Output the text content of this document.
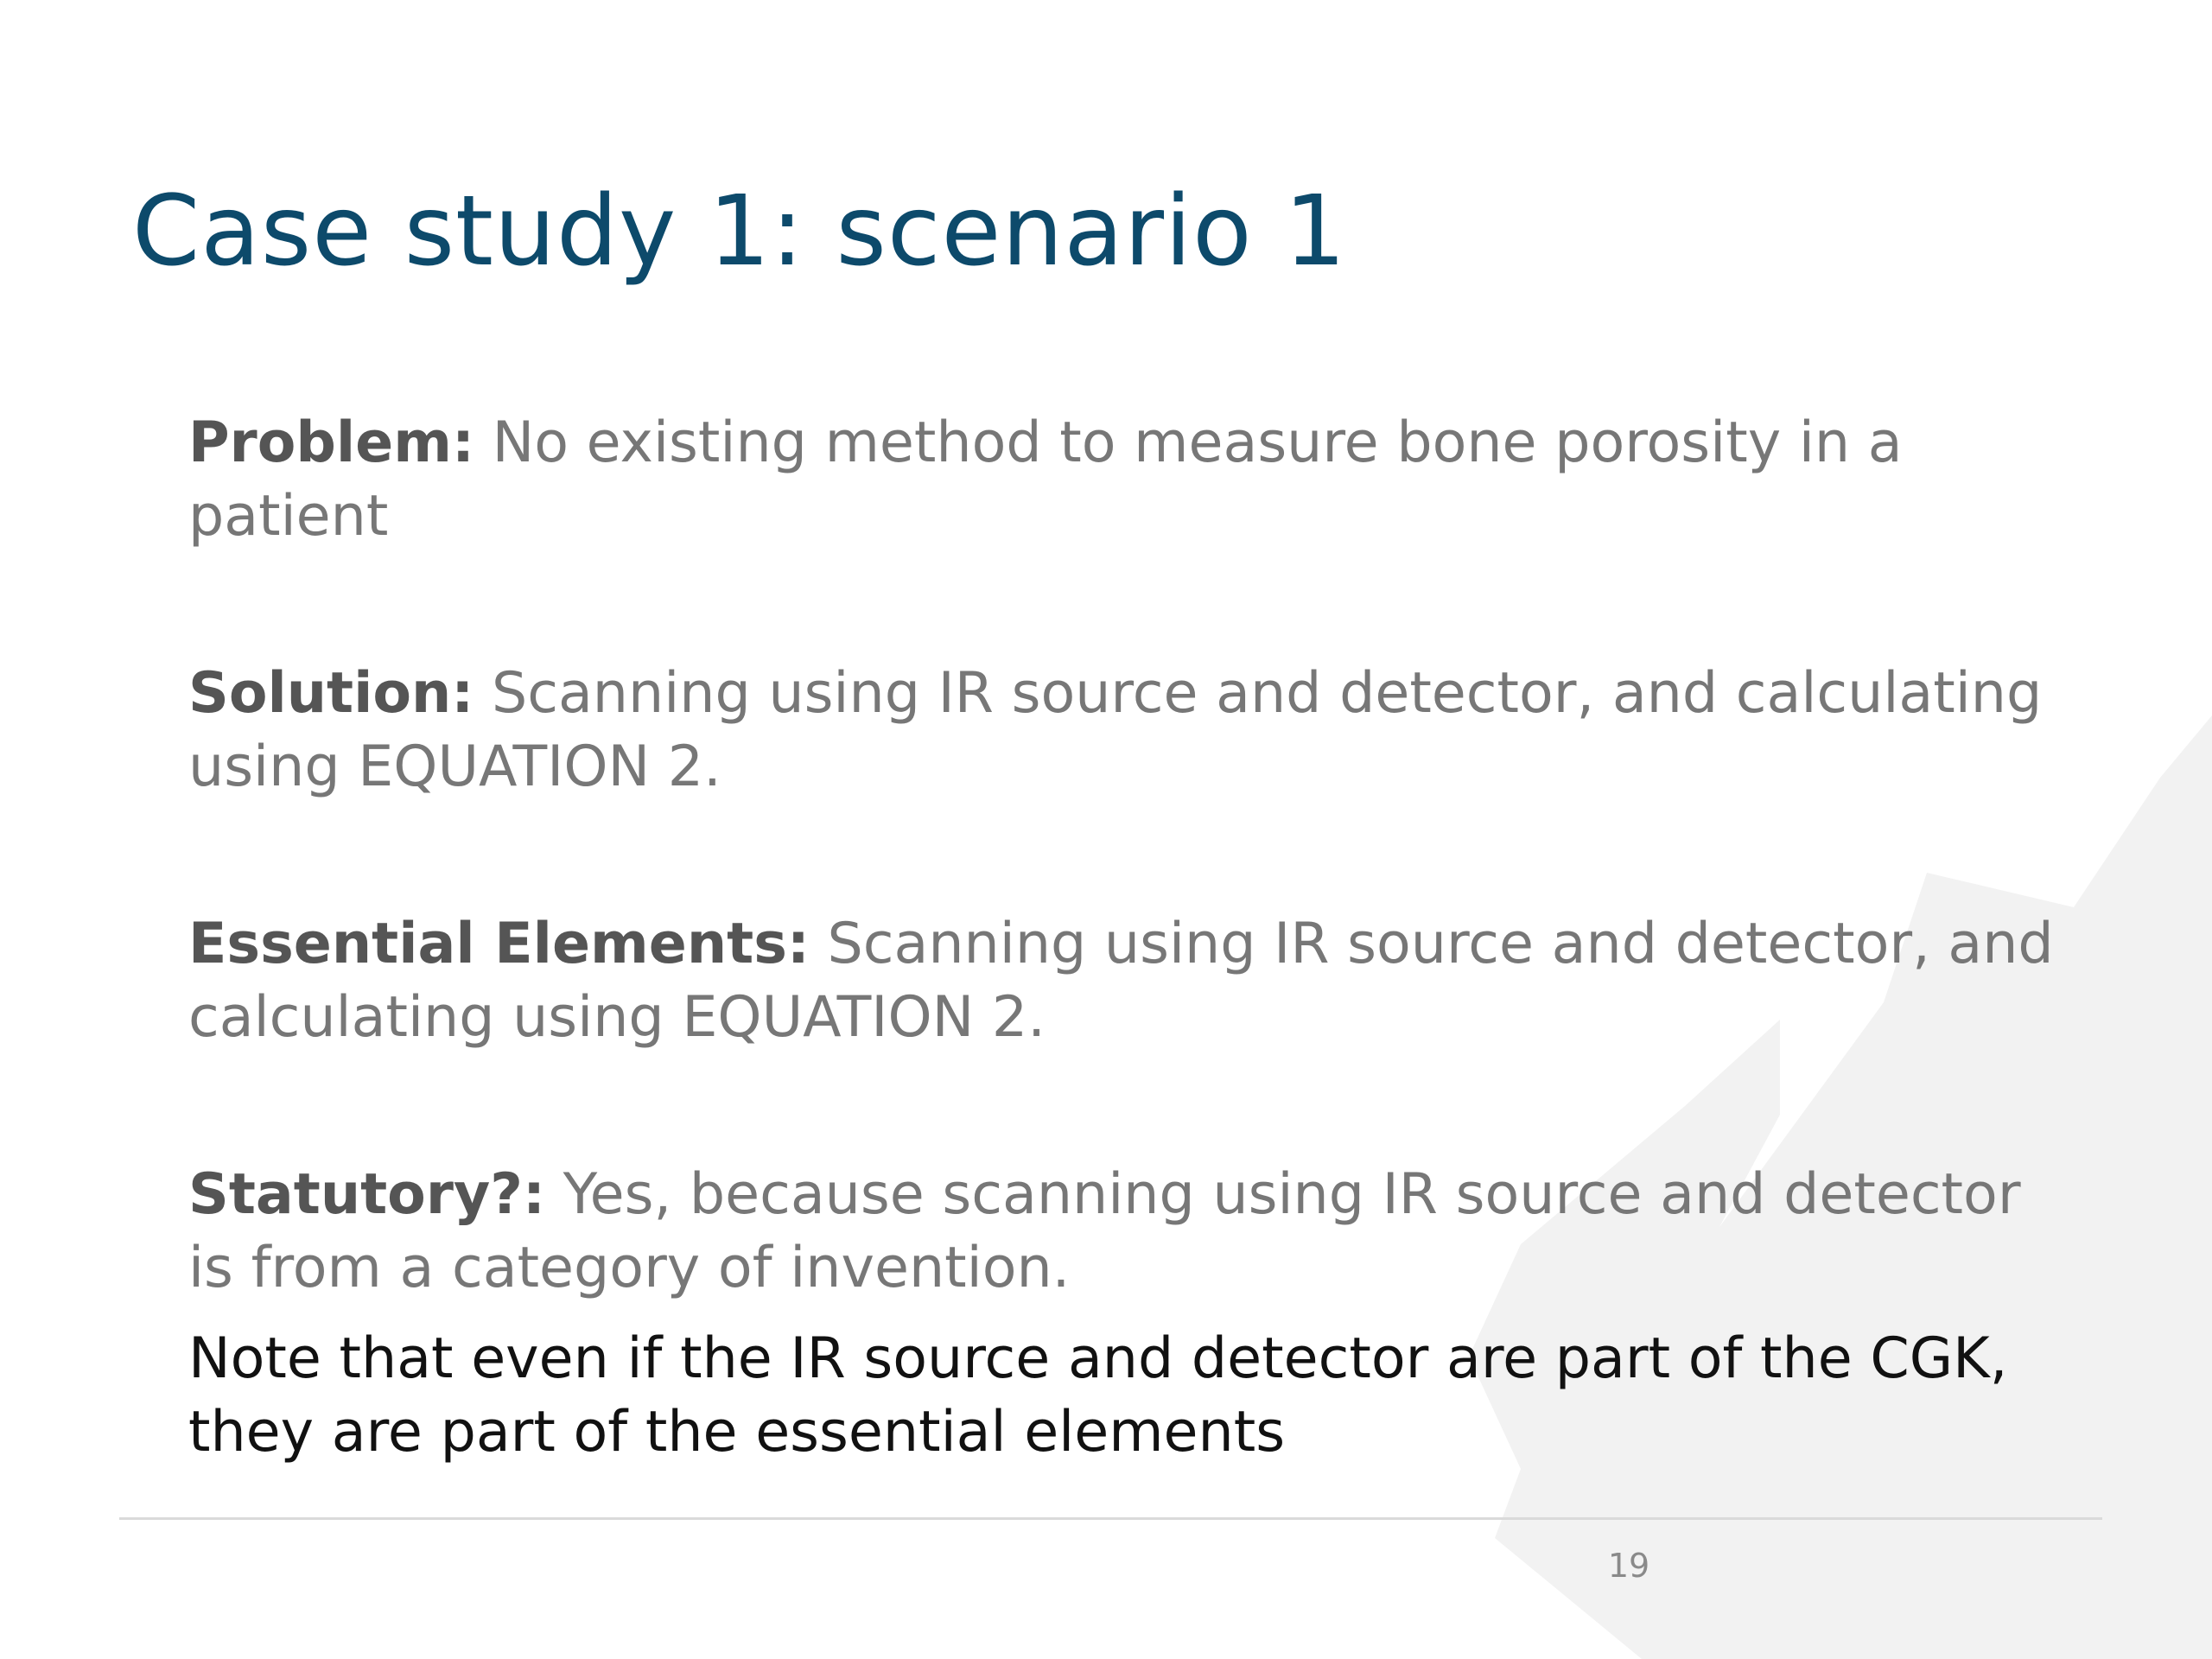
Case study 1: scenario 1

Problem: No existing method to measure bone porosity in a patient

Solution: Scanning using IR source and detector, and calculating using EQUATION 2.

Essential Elements: Scanning using IR source and detector, and calculating using EQUATION 2.

Statutory?: Yes, because scanning using IR source and detector is from a category of invention.

Note that even if the IR source and detector are part of the CGK, they are part of the essential elements

19
